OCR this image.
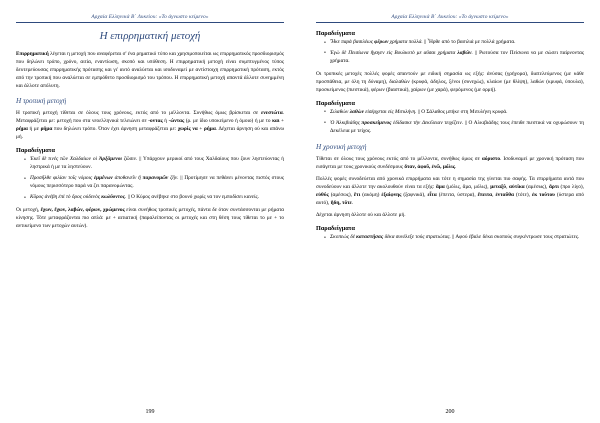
Αρχαία Ελληνικά Β΄ Λυκείου: «Το άγνωστο κείμενο»
Η επιρρηματική μετοχή

Επιρρηματική λέγεται η μετοχή που αναφέρεται σ' ένα ρηματικό τύπο και χρησιμοποιείται ως επιρρηματικός προσδιορισμός που δηλώνει τρόπο, χρόνο, αιτία, εναντίωση, σκοπό και υπόθεση. Η επιρρηματική μετοχή είναι συμπτυγμένος τύπος δευτερεύουσας επιρρηματικής πρότασης και γι' αυτό αναλύεται και ισοδυναμεί με αντίστοιχη επιρρηματική πρόταση, εκτός από την τροπική που αναλύεται σε εμπρόθετο προσδιορισμό του τρόπου. Η επιρρηματική μετοχή απαντά άλλοτε συνημμένη και άλλοτε απόλυτη.

Η τροπική μετοχή

Η τροπική μετοχή τίθεται σε όλους τους χρόνους, εκτός από το μέλλοντα. Συνήθως όμως βρίσκεται σε ενεστώτα. Μεταφράζεται με: μετοχή που στα νεοελληνικά τελειώνει σε -οντας ή -ώντας (ρ. με ίδιο υποκείμενο ή όμοιο) ή με το και + ρήμα ή με ρήμα που δηλώνει τρόπο. Όταν έχει άρνηση μεταφράζεται με: χωρίς να + ρήμα. Δέχεται άρνηση οὐ και απάνω μή.

Παραδείγματα
• Ἐκεῖ δὲ τινὲς τῶν Χαλδαίων οἱ Ἀρξάμενοι ζῶσιν. || Υπάρχουν μερικοί από τους Χαλδαίους που ζουν ληστεύοντας ή ληστρικά ή με τα ληστεύουν.
• Προσῆλθε φιλίαν τοῖς νόμοις ἐμμένων ἀποθανεῖν ἢ παρανομῶν ζῆν. || Προτίμησε να πεθάνει μένοντας πιστός στους νόμους περισσότερο παρά να ζει παρανομώντας.
• Κῦρος ἀνέβη ἐπὶ τὸ ὄρος οὐδενὸς κωλύοντος. || Ο Κύρος ανέβηκε στο βουνό χωρίς να τον εμποδίσει κανείς.

Οι μετοχή, ἔχων, ἔχων, λαβών, φέρων, χρώμενος είναι συνήθως τροπικές μετοχές, πάντα δε όταν συντάσσονται με ρήματα κίνησης. Τότε μεταφράζονται πιο απλά: με + αιτιατική (παραλείποντας οι μετοχές και στη θέση τους τίθεται το με + το αντικείμενο των μετοχών αυτών).

199
Αρχαία Ελληνικά Β΄ Λυκείου: «Το άγνωστο κείμενο»
Παραδείγματα
• Ἧκε παρὰ βασιλέως φέρων χρήματα πολλά. || Ἦρθε από το βασιλιά με πολλά χρήματα.
• Ἐγὼ δὲ Πεισίωνα ἤγαγεν εἰς Βουλκοτὸ με αὔσαι χρήματα λαβών. || Ρωτούσα τον Πείσωνα να με σώσει παίρνοντας χρήματα.

Οι τροπικές μετοχές πολλές φορές απαντούν με ειδική σημασία ως εξής: ἀνύσας (γρήγορα), διατελεύμενος (με κάθε προσπάθεια, με όλη τη δύναμη), διαλαθών (κρυφά, άδηλος, ξένοι (συνεχώς), κλαίων (με θλίψη), λαθών (κρυφά, ύπουλα), προσκείμενος (πιεστικά), φέρων (βιαστικά), χαίρων (με χαρά), φερόμενος (με ορμή).

Παραδείγματα
• Σιλαθὼν λαθὼν εἰσέρχεται εἰς Μιτυλήνη. || Ο Σάλαθος μπήκε στη Μιτυλήνη κρυφά.
• Ὁ Ἀλκιβιάδης προσκείμενος ἐδίδασκε τὴν Δεκέλειαν τειχίζειν. || Ο Αλκιβιάδης τους έπειθε πιεστικά να οχυρώσουν τη Δεκέλεια με τείχος.
Η χρονική μετοχή

Τίθεται σε όλους τους χρόνους εκτός από το μέλλοντα, συνήθως όμως σε αόριστο. Ισοδυναμεί με χρονική πρόταση που εισάγεται με τους χρονικούς συνδέσμους ὅταν, ἀφοῦ, ἐνῶ, μόλις.

Πολλές φορές συνοδεύεται από χρονικά επιρρήματα και τότε η σημασία της γίνεται πιο σαφής. Τα επιρρήματα αυτά που συνοδεύουν και άλλοτε την ακολουθούν είναι τα εξής: ἅμα (μόλις, ἅμα, μόλις), μεταξύ, αὐτίκα (αμέσως), ἄρτι (προ λίγο), εὐθύς (αμέσως), ἔτι (ακόμη) ἐξαίφνης (ξαφνικά), εἶτα (έπειτα, ύστερα), ἔπειτα, ἐνταῦθα (τότε), ἐκ τούτου (ύστερα από αυτό), ἤδη, τότε.

Δέχεται άρνηση ἀλλοτε οὐ και άλλοτε μή.

Παραδείγματα
• Σκοπεὼς δὲ καταστήσας δέκα συνέλεξε τοὺς στρατιώτας. || Αφού έβαλε δέκα σκοπούς συγκέντρωσε τους στρατιώτες.
200
